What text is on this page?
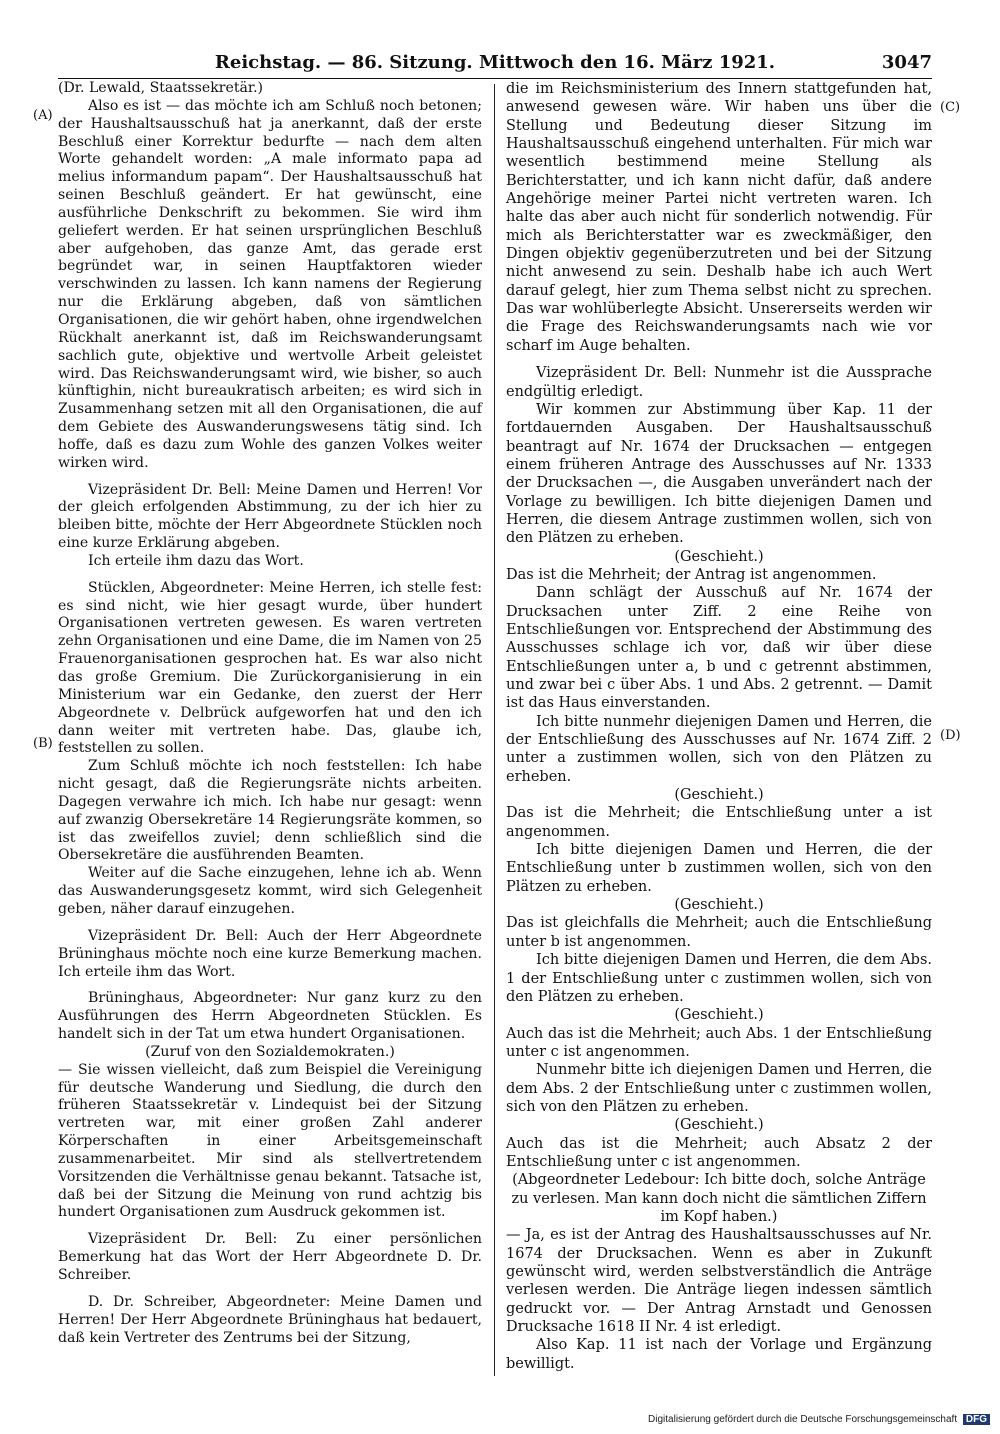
Reichstag. — 86. Sitzung. Mittwoch den 16. März 1921.	3047
(A)
(B)
(C)
(D)

(Dr. Lewald, Staatssekretär.)

Also es ist — das möchte ich am Schluß noch betonen; der Haushaltsausschuß hat ja anerkannt, daß der erste Beschluß einer Korrektur bedurfte — nach dem alten Worte gehandelt worden: „A male informato papa ad melius informandum papam“. Der Haushaltsausschuß hat seinen Beschluß geändert. Er hat gewünscht, eine ausführliche Denkschrift zu bekommen. Sie wird ihm geliefert werden. Er hat seinen ursprünglichen Beschluß aber aufgehoben, das ganze Amt, das gerade erst begründet war, in seinen Hauptfaktoren wieder verschwinden zu lassen. Ich kann namens der Regierung nur die Erklärung abgeben, daß von sämtlichen Organisationen, die wir gehört haben, ohne irgendwelchen Rückhalt anerkannt ist, daß im Reichswanderungsamt sachlich gute, objektive und wertvolle Arbeit geleistet wird. Das Reichswanderungsamt wird, wie bisher, so auch künftighin, nicht bureaukratisch arbeiten; es wird sich in Zusammenhang setzen mit all den Organisationen, die auf dem Gebiete des Auswanderungswesens tätig sind. Ich hoffe, daß es dazu zum Wohle des ganzen Volkes weiter wirken wird.

Vizepräsident Dr. Bell: Meine Damen und Herren! Vor der gleich erfolgenden Abstimmung, zu der ich hier zu bleiben bitte, möchte der Herr Abgeordnete Stücklen noch eine kurze Erklärung abgeben.

Ich erteile ihm dazu das Wort.

Stücklen, Abgeordneter: Meine Herren, ich stelle fest: es sind nicht, wie hier gesagt wurde, über hundert Organisationen vertreten gewesen. Es waren vertreten zehn Organisationen und eine Dame, die im Namen von 25 Frauenorganisationen gesprochen hat. Es war also nicht das große Gremium. Die Zurückorganisierung in ein Ministerium war ein Gedanke, den zuerst der Herr Abgeordnete v. Delbrück aufgeworfen hat und den ich dann weiter mit vertreten habe. Das, glaube ich, feststellen zu sollen.

Zum Schluß möchte ich noch feststellen: Ich habe nicht gesagt, daß die Regierungsräte nichts arbeiten. Dagegen verwahre ich mich. Ich habe nur gesagt: wenn auf zwanzig Obersekretäre 14 Regierungsräte kommen, so ist das zweifellos zuviel; denn schließlich sind die Obersekretäre die ausführenden Beamten.

Weiter auf die Sache einzugehen, lehne ich ab. Wenn das Auswanderungsgesetz kommt, wird sich Gelegenheit geben, näher darauf einzugehen.

Vizepräsident Dr. Bell: Auch der Herr Abgeordnete Brüninghaus möchte noch eine kurze Bemerkung machen. Ich erteile ihm das Wort.

Brüninghaus, Abgeordneter: Nur ganz kurz zu den Ausführungen des Herrn Abgeordneten Stücklen. Es handelt sich in der Tat um etwa hundert Organisationen.

(Zuruf von den Sozialdemokraten.)

— Sie wissen vielleicht, daß zum Beispiel die Vereinigung für deutsche Wanderung und Siedlung, die durch den früheren Staatssekretär v. Lindequist bei der Sitzung vertreten war, mit einer großen Zahl anderer Körperschaften in einer Arbeitsgemeinschaft zusammenarbeitet. Mir sind als stellvertretendem Vorsitzenden die Verhältnisse genau bekannt. Tatsache ist, daß bei der Sitzung die Meinung von rund achtzig bis hundert Organisationen zum Ausdruck gekommen ist.

Vizepräsident Dr. Bell: Zu einer persönlichen Bemerkung hat das Wort der Herr Abgeordnete D. Dr. Schreiber.

D. Dr. Schreiber, Abgeordneter: Meine Damen und Herren! Der Herr Abgeordnete Brüninghaus hat bedauert, daß kein Vertreter des Zentrums bei der Sitzung,

die im Reichsministerium des Innern stattgefunden hat, anwesend gewesen wäre. Wir haben uns über die Stellung und Bedeutung dieser Sitzung im Haushaltsausschuß eingehend unterhalten. Für mich war wesentlich bestimmend meine Stellung als Berichterstatter, und ich kann nicht dafür, daß andere Angehörige meiner Partei nicht vertreten waren. Ich halte das aber auch nicht für sonderlich notwendig. Für mich als Berichterstatter war es zweckmäßiger, den Dingen objektiv gegenüberzutreten und bei der Sitzung nicht anwesend zu sein. Deshalb habe ich auch Wert darauf gelegt, hier zum Thema selbst nicht zu sprechen. Das war wohlüberlegte Absicht. Unsererseits werden wir die Frage des Reichswanderungsamts nach wie vor scharf im Auge behalten.

Vizepräsident Dr. Bell: Nunmehr ist die Aussprache endgültig erledigt.

Wir kommen zur Abstimmung über Kap. 11 der fortdauernden Ausgaben. Der Haushaltsausschuß beantragt auf Nr. 1674 der Drucksachen — entgegen einem früheren Antrage des Ausschusses auf Nr. 1333 der Drucksachen —, die Ausgaben unverändert nach der Vorlage zu bewilligen. Ich bitte diejenigen Damen und Herren, die diesem Antrage zustimmen wollen, sich von den Plätzen zu erheben.

(Geschieht.)

Das ist die Mehrheit; der Antrag ist angenommen.

Dann schlägt der Ausschuß auf Nr. 1674 der Drucksachen unter Ziff. 2 eine Reihe von Entschließungen vor. Entsprechend der Abstimmung des Ausschusses schlage ich vor, daß wir über diese Entschließungen unter a, b und c getrennt abstimmen, und zwar bei c über Abs. 1 und Abs. 2 getrennt. — Damit ist das Haus einverstanden.

Ich bitte nunmehr diejenigen Damen und Herren, die der Entschließung des Ausschusses auf Nr. 1674 Ziff. 2 unter a zustimmen wollen, sich von den Plätzen zu erheben.

(Geschieht.)

Das ist die Mehrheit; die Entschließung unter a ist angenommen.

Ich bitte diejenigen Damen und Herren, die der Entschließung unter b zustimmen wollen, sich von den Plätzen zu erheben.

(Geschieht.)

Das ist gleichfalls die Mehrheit; auch die Entschließung unter b ist angenommen.

Ich bitte diejenigen Damen und Herren, die dem Abs. 1 der Entschließung unter c zustimmen wollen, sich von den Plätzen zu erheben.

(Geschieht.)

Auch das ist die Mehrheit; auch Abs. 1 der Entschließung unter c ist angenommen.

Nunmehr bitte ich diejenigen Damen und Herren, die dem Abs. 2 der Entschließung unter c zustimmen wollen, sich von den Plätzen zu erheben.

(Geschieht.)

Auch das ist die Mehrheit; auch Absatz 2 der Entschließung unter c ist angenommen.

(Abgeordneter Ledebour: Ich bitte doch, solche Anträge zu verlesen. Man kann doch nicht die sämtlichen Ziffern im Kopf haben.)

— Ja, es ist der Antrag des Haushaltsausschusses auf Nr. 1674 der Drucksachen. Wenn es aber in Zukunft gewünscht wird, werden selbstverständlich die Anträge verlesen werden. Die Anträge liegen indessen sämtlich gedruckt vor. — Der Antrag Arnstadt und Genossen Drucksache 1618 II Nr. 4 ist erledigt.

Also Kap. 11 ist nach der Vorlage und Ergänzung bewilligt.

Digitalisierung gefördert durch die Deutsche Forschungsgemeinschaft DFG
